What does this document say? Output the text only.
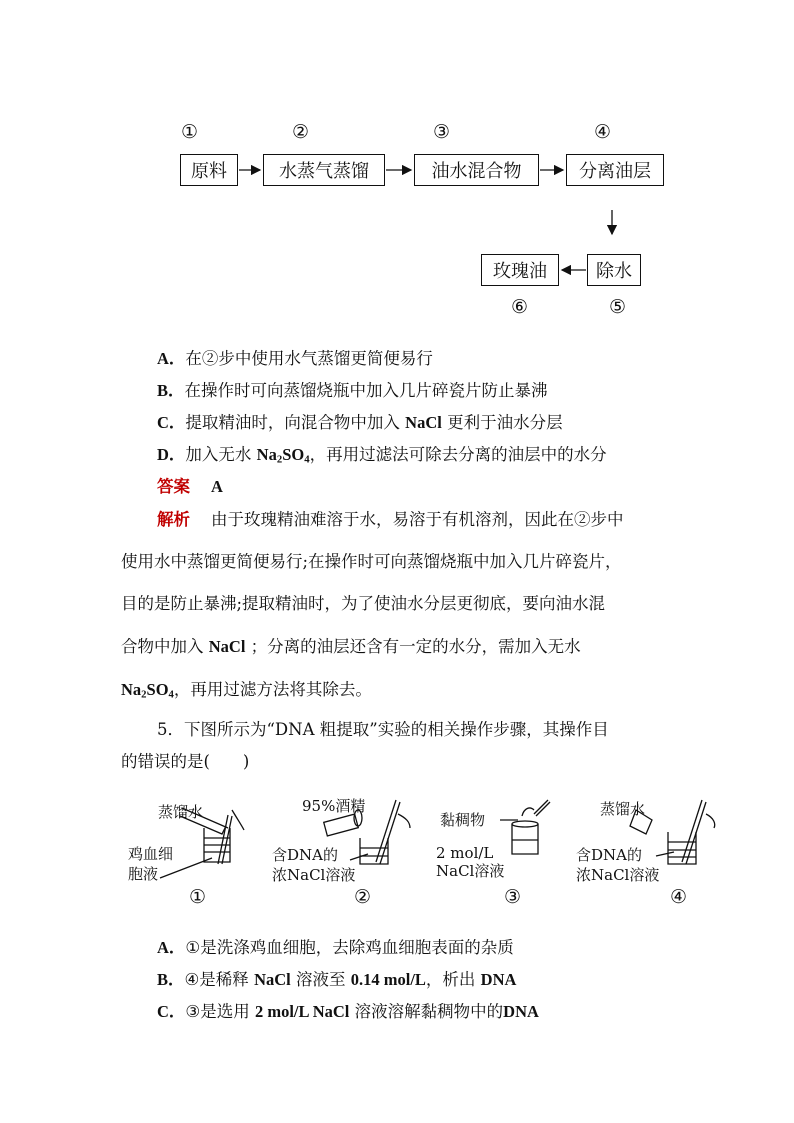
①	②	③	④
原料	水蒸气蒸馏	油水混合物	分离油层
除水
玫瑰油
⑤
⑥
A．在②步中使用水气蒸馏更简便易行
B．在操作时可向蒸馏烧瓶中加入几片碎瓷片防止暴沸
C．提取精油时，向混合物中加入 NaCl 更利于油水分层
D．加入无水 $Na_2SO_4$，再用过滤法可除去分离的油层中的水分
答案 A
解析 由于玫瑰精油难溶于水，易溶于有机溶剂，因此在②步中
使用水中蒸馏更简便易行;在操作时可向蒸馏烧瓶中加入几片碎瓷片，
目的是防止暴沸;提取精油时，为了使油水分层更彻底，要向油水混
合物中加入 NaCl ；分离的油层还含有一定的水分，需加入无水
$Na_2SO_4$，再用过滤方法将其除去。
5．下图所示为“DNA 粗提取”实验的相关操作步骤，其操作目
的错误的是(　　)
蒸馏水
鸡血细
胞液
95%酒精
含DNA的
浓NaCl溶液
黏稠物
2 mol/L
NaCl溶液
蒸馏水
含DNA的
浓NaCl溶液
①	②	③	④
A．①是洗涤鸡血细胞，去除鸡血细胞表面的杂质
B．④是稀释 NaCl 溶液至 0.14 mol/L，析出 DNA
C．③是选用 2 mol/L NaCl 溶液溶解黏稠物中的DNA
